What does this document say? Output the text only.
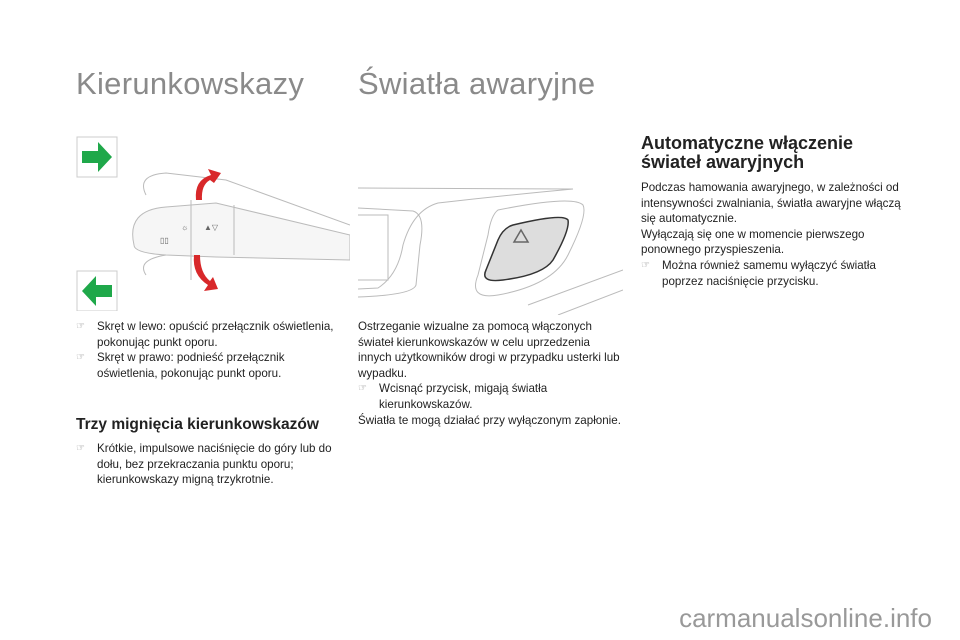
Kierunkowskazy Światła awaryjne
☼
▯▯
▲▽
☞ Skręt w lewo: opuścić przełącznik oświetlenia, pokonując punkt oporu.
☞ Skręt w prawo: podnieść przełącznik oświetlenia, pokonując punkt oporu.
Trzy mignięcia kierunkowskazów
☞ Krótkie, impulsowe naciśnięcie do góry lub do dołu, bez przekraczania punktu oporu; kierunkowskazy migną trzykrotnie.
Ostrzeganie wizualne za pomocą włączonych świateł kierunkowskazów w celu uprzedzenia innych użytkowników drogi w przypadku usterki lub wypadku.
☞ Wcisnąć przycisk, migają światła kierunkowskazów.
Światła te mogą działać przy wyłączonym zapłonie.
Automatyczne włączenie świateł awaryjnych
Podczas hamowania awaryjnego, w zależności od intensywności zwalniania, światła awaryjne włączą się automatycznie.
Wyłączają się one w momencie pierwszego ponownego przyspieszenia.
☞ Można również samemu wyłączyć światła poprzez naciśnięcie przycisku.
carmanualsonline.info
